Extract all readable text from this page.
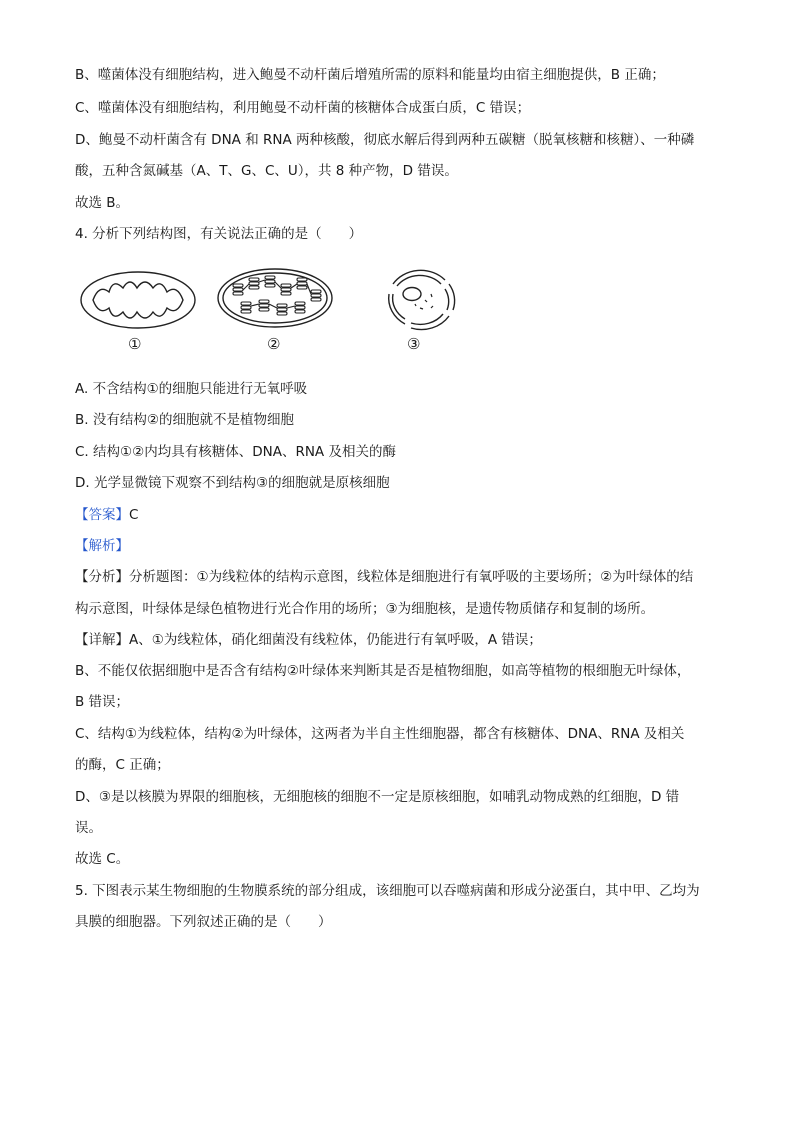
B、噬菌体没有细胞结构，进入鲍曼不动杆菌后增殖所需的原料和能量均由宿主细胞提供，B 正确；
C、噬菌体没有细胞结构，利用鲍曼不动杆菌的核糖体合成蛋白质，C 错误；
D、鲍曼不动杆菌含有 DNA 和 RNA 两种核酸，彻底水解后得到两种五碳糖（脱氧核糖和核糖）、一种磷
酸，五种含氮碱基（A、T、G、C、U），共 8 种产物，D 错误。
故选 B。
4. 分析下列结构图，有关说法正确的是（　　）
①	②	③
A. 不含结构①的细胞只能进行无氧呼吸
B. 没有结构②的细胞就不是植物细胞
C. 结构①②内均具有核糖体、DNA、RNA 及相关的酶
D. 光学显微镜下观察不到结构③的细胞就是原核细胞
【答案】C
【解析】
【分析】分析题图：①为线粒体的结构示意图，线粒体是细胞进行有氧呼吸的主要场所；②为叶绿体的结
构示意图，叶绿体是绿色植物进行光合作用的场所；③为细胞核，是遗传物质储存和复制的场所。
【详解】A、①为线粒体，硝化细菌没有线粒体，仍能进行有氧呼吸，A 错误；
B、不能仅依据细胞中是否含有结构②叶绿体来判断其是否是植物细胞，如高等植物的根细胞无叶绿体，
B 错误；
C、结构①为线粒体，结构②为叶绿体，这两者为半自主性细胞器，都含有核糖体、DNA、RNA 及相关
的酶，C 正确；
D、③是以核膜为界限的细胞核，无细胞核的细胞不一定是原核细胞，如哺乳动物成熟的红细胞，D 错
误。
故选 C。
5. 下图表示某生物细胞的生物膜系统的部分组成，该细胞可以吞噬病菌和形成分泌蛋白，其中甲、乙均为
具膜的细胞器。下列叙述正确的是（　　）
